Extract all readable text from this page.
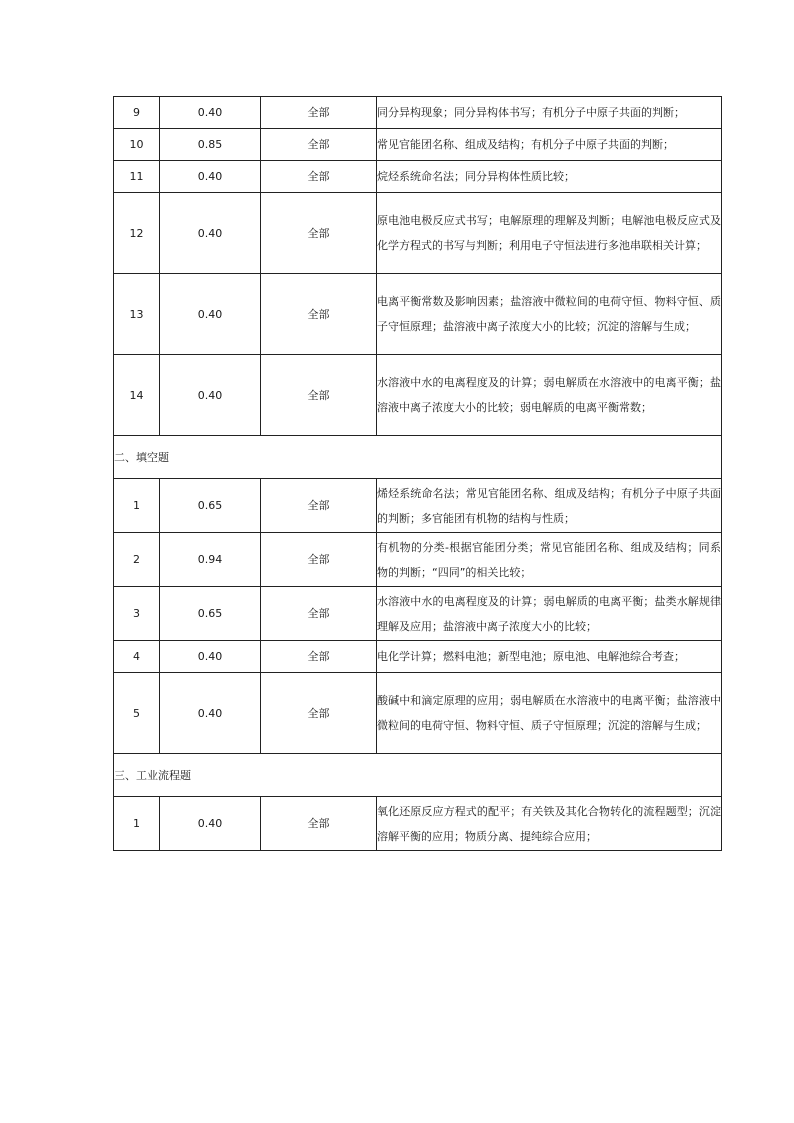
9	0.40	全部	同分异构现象；同分异构体书写；有机分子中原子共面的判断；
10	0.85	全部	常见官能团名称、组成及结构；有机分子中原子共面的判断；
11	0.40	全部	烷烃系统命名法；同分异构体性质比较；
12	0.40	全部	原电池电极反应式书写；电解原理的理解及判断；电解池电极反应式及化学方程式的书写与判断；利用电子守恒法进行多池串联相关计算；
13	0.40	全部	电离平衡常数及影响因素；盐溶液中微粒间的电荷守恒、物料守恒、质子守恒原理；盐溶液中离子浓度大小的比较；沉淀的溶解与生成；
14	0.40	全部	水溶液中水的电离程度及的计算；弱电解质在水溶液中的电离平衡；盐溶液中离子浓度大小的比较；弱电解质的电离平衡常数；
二、填空题			
1	0.65	全部	烯烃系统命名法；常见官能团名称、组成及结构；有机分子中原子共面的判断；多官能团有机物的结构与性质；
2	0.94	全部	有机物的分类-根据官能团分类；常见官能团名称、组成及结构；同系物的判断；“四同”的相关比较；
3	0.65	全部	水溶液中水的电离程度及的计算；弱电解质的电离平衡；盐类水解规律理解及应用；盐溶液中离子浓度大小的比较；
4	0.40	全部	电化学计算；燃料电池；新型电池；原电池、电解池综合考查；
5	0.40	全部	酸碱中和滴定原理的应用；弱电解质在水溶液中的电离平衡；盐溶液中微粒间的电荷守恒、物料守恒、质子守恒原理；沉淀的溶解与生成；
三、工业流程题			
1	0.40	全部	氧化还原反应方程式的配平；有关铁及其化合物转化的流程题型；沉淀溶解平衡的应用；物质分离、提纯综合应用；
